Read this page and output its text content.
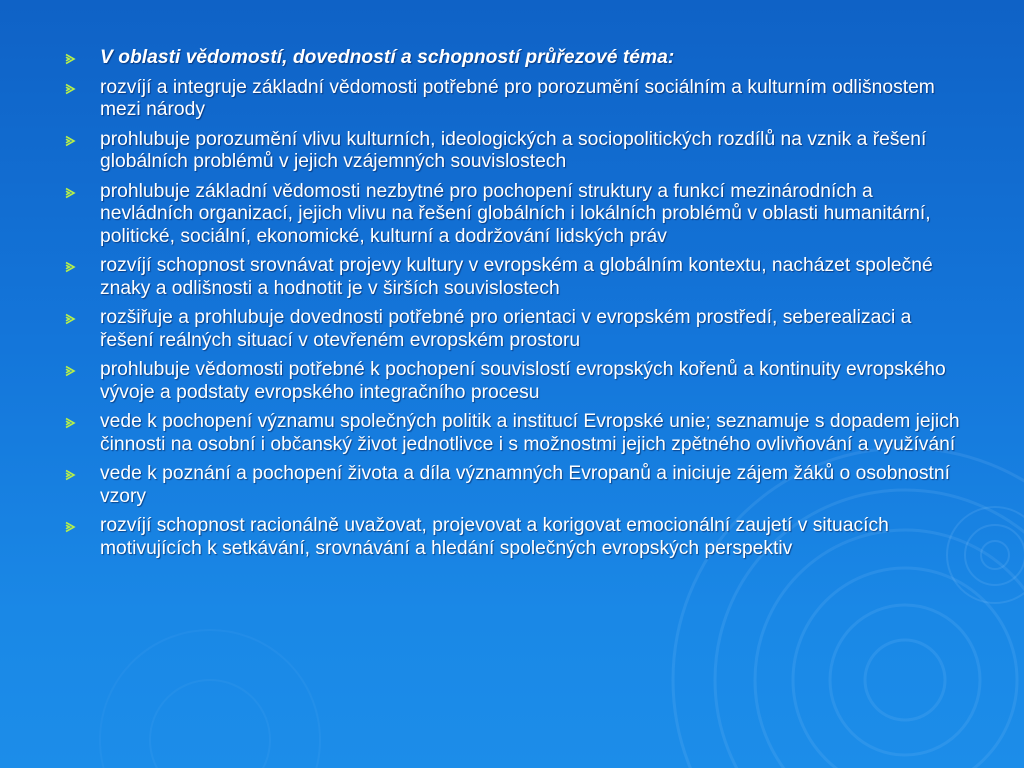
V oblasti vědomostí, dovedností a schopností průřezové téma:
rozvíjí a integruje základní vědomosti potřebné pro porozumění sociálním a kulturním odlišnostem mezi národy
prohlubuje porozumění vlivu kulturních, ideologických a sociopolitických rozdílů na vznik a řešení globálních problémů v jejich vzájemných souvislostech
prohlubuje základní vědomosti nezbytné pro pochopení struktury a funkcí mezinárodních a nevládních organizací, jejich vlivu na řešení globálních i lokálních problémů v oblasti humanitární, politické, sociální, ekonomické, kulturní a dodržování lidských práv
rozvíjí schopnost srovnávat projevy kultury v evropském a globálním kontextu, nacházet společné znaky a odlišnosti a hodnotit je v širších souvislostech
rozšiřuje a prohlubuje dovednosti potřebné pro orientaci v evropském prostředí, seberealizaci a řešení reálných situací v otevřeném evropském prostoru
prohlubuje vědomosti potřebné k pochopení souvislostí evropských kořenů a kontinuity evropského vývoje a podstaty evropského integračního procesu
vede k pochopení významu společných politik a institucí Evropské unie; seznamuje s dopadem jejich činnosti na osobní i občanský život jednotlivce i s možnostmi jejich zpětného ovlivňování a využívání
vede k poznání a pochopení života a díla významných Evropanů a iniciuje zájem žáků o osobnostní vzory
rozvíjí schopnost racionálně uvažovat, projevovat a korigovat emocionální zaujetí v situacích motivujících k setkávání, srovnávání a hledání společných evropských perspektiv
